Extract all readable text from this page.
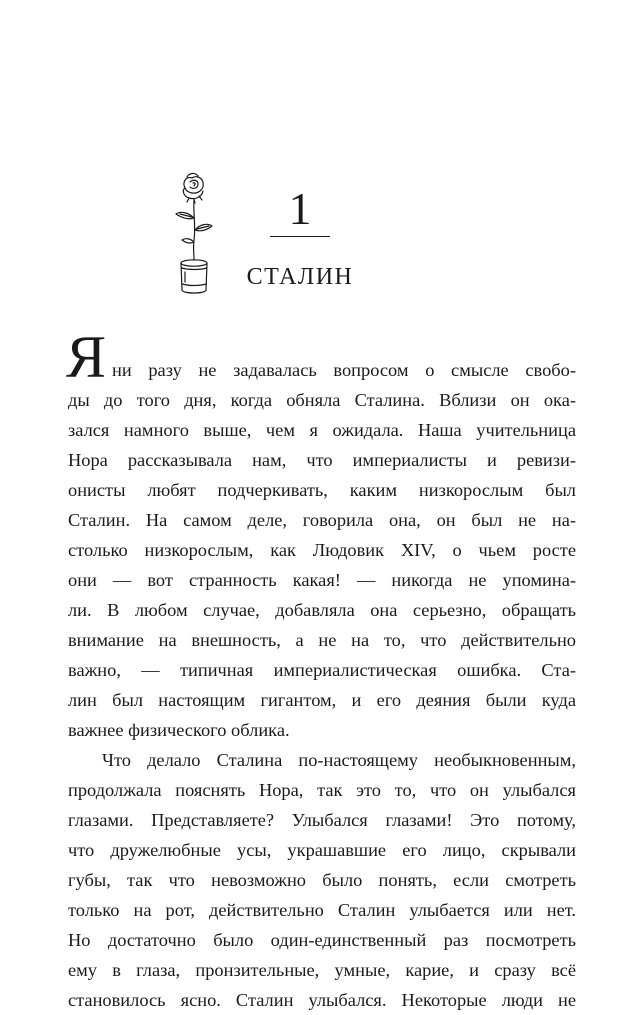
1
СТАЛИН
Я ни разу не задавалась вопросом о смысле свобо-
ды до того дня, когда обняла Сталина. Вблизи он ока-
зался намного выше, чем я ожидала. Наша учительница
Нора рассказывала нам, что империалисты и ревизи-
онисты любят подчеркивать, каким низкорослым был
Сталин. На самом деле, говорила она, он был не на-
столько низкорослым, как Людовик XIV, о чьем росте
они — вот странность какая! — никогда не упомина-
ли. В любом случае, добавляла она серьезно, обращать
внимание на внешность, а не на то, что действительно
важно, — типичная империалистическая ошибка. Ста-
лин был настоящим гигантом, и его деяния были куда
важнее физического облика.
Что делало Сталина по-настоящему необыкновенным,
продолжала пояснять Нора, так это то, что он улыбался
глазами. Представляете? Улыбался глазами! Это потому,
что дружелюбные усы, украшавшие его лицо, скрывали
губы, так что невозможно было понять, если смотреть
только на рот, действительно Сталин улыбается или нет.
Но достаточно было один-единственный раз посмотреть
ему в глаза, пронзительные, умные, карие, и сразу всё
становилось ясно. Сталин улыбался. Некоторые люди не
